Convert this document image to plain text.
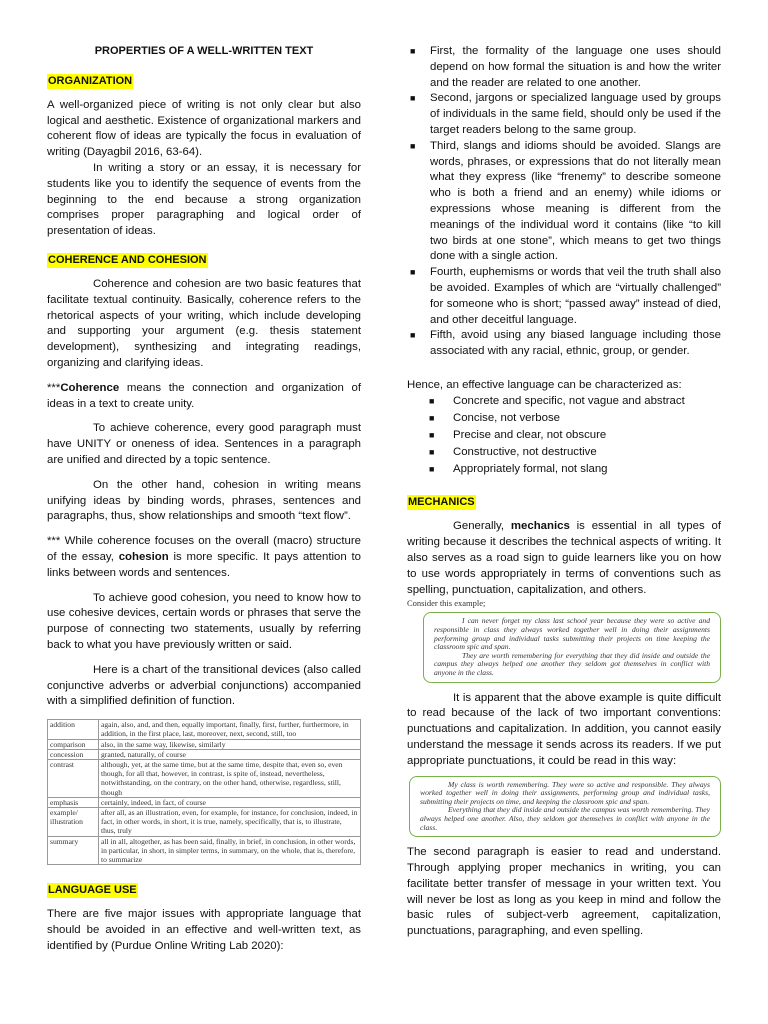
PROPERTIES OF A WELL-WRITTEN TEXT
ORGANIZATION

A well-organized piece of writing is not only clear but also logical and aesthetic. Existence of organizational markers and coherent flow of ideas are typically the focus in evaluation of writing (Dayagbil 2016, 63-64).

In writing a story or an essay, it is necessary for students like you to identify the sequence of events from the beginning to the end because a strong organization comprises proper paragraphing and logical order of presentation of ideas.

COHERENCE AND COHESION

Coherence and cohesion are two basic features that facilitate textual continuity. Basically, coherence refers to the rhetorical aspects of your writing, which include developing and supporting your argument (e.g. thesis statement development), synthesizing and integrating readings, organizing and clarifying ideas.

***Coherence means the connection and organization of ideas in a text to create unity.

To achieve coherence, every good paragraph must have UNITY or oneness of idea. Sentences in a paragraph are unified and directed by a topic sentence.

On the other hand, cohesion in writing means unifying ideas by binding words, phrases, sentences and paragraphs, thus, show relationships and smooth “text flow”.

*** While coherence focuses on the overall (macro) structure of the essay, cohesion is more specific. It pays attention to links between words and sentences.

To achieve good cohesion, you need to know how to use cohesive devices, certain words or phrases that serve the purpose of connecting two statements, usually by referring back to what you have previously written or said.

Here is a chart of the transitional devices (also called conjunctive adverbs or adverbial conjunctions) accompanied with a simplified definition of function.

addition	again, also, and, and then, equally important, finally, first, further, furthermore, in addition, in the first place, last, moreover, next, second, still, too
comparison	also, in the same way, likewise, similarly
concession	granted, naturally, of course
contrast	although, yet, at the same time, but at the same time, despite that, even so, even though, for all that, however, in contrast, is spite of, instead, nevertheless, notwithstanding, on the contrary, on the other hand, otherwise, regardless, still, though
emphasis	certainly, indeed, in fact, of course
example/ illustration	after all, as an illustration, even, for example, for instance, for conclusion, indeed, in fact, in other words, in short, it is true, namely, specifically, that is, to illustrate, thus, truly
summary	all in all, altogether, as has been said, finally, in brief, in conclusion, in other words, in particular, in short, in simpler terms, in summary, on the whole, that is, therefore, to summarize
LANGUAGE USE

There are five major issues with appropriate language that should be avoided in an effective and well-written text, as identified by (Purdue Online Writing Lab 2020):

■ First, the formality of the language one uses should depend on how formal the situation is and how the writer and the reader are related to one another.
■ Second, jargons or specialized language used by groups of individuals in the same field, should only be used if the target readers belong to the same group.
■ Third, slangs and idioms should be avoided. Slangs are words, phrases, or expressions that do not literally mean what they express (like “frenemy” to describe someone who is both a friend and an enemy) while idioms or expressions whose meaning is different from the meanings of the individual word it contains (like “to kill two birds at one stone”, which means to get two things done with a single action.
■ Fourth, euphemisms or words that veil the truth shall also be avoided. Examples of which are “virtually challenged” for someone who is short; “passed away” instead of died, and other deceitful language.
■ Fifth, avoid using any biased language including those associated with any racial, ethnic, group, or gender.

Hence, an effective language can be characterized as:

■ Concrete and specific, not vague and abstract
■ Concise, not verbose
■ Precise and clear, not obscure
■ Constructive, not destructive
■ Appropriately formal, not slang
MECHANICS

Generally, mechanics is essential in all types of writing because it describes the technical aspects of writing. It also serves as a road sign to guide learners like you on how to use words appropriately in terms of conventions such as spelling, punctuation, capitalization, and others.

Consider this example;

I can never forget my class last school year because they were so active and responsible in class they always worked together well in doing their assignments performing group and individual tasks submitting their projects on time keeping the classroom spic and span.

They are worth remembering for everything that they did inside and outside the campus they always helped one another they seldom got themselves in conflict with anyone in the class.

It is apparent that the above example is quite difficult to read because of the lack of two important conventions: punctuations and capitalization. In addition, you cannot easily understand the message it sends across its readers. If we put appropriate punctuations, it could be read in this way:

My class is worth remembering. They were so active and responsible. They always worked together well in doing their assignments, performing group and individual tasks, submitting their projects on time, and keeping the classroom spic and span.

Everything that they did inside and outside the campus was worth remembering. They always helped one another. Also, they seldom got themselves in conflict with anyone in the class.

The second paragraph is easier to read and understand. Through applying proper mechanics in writing, you can facilitate better transfer of message in your written text. You will never be lost as long as you keep in mind and follow the basic rules of subject-verb agreement, capitalization, punctuations, paragraphing, and even spelling.
